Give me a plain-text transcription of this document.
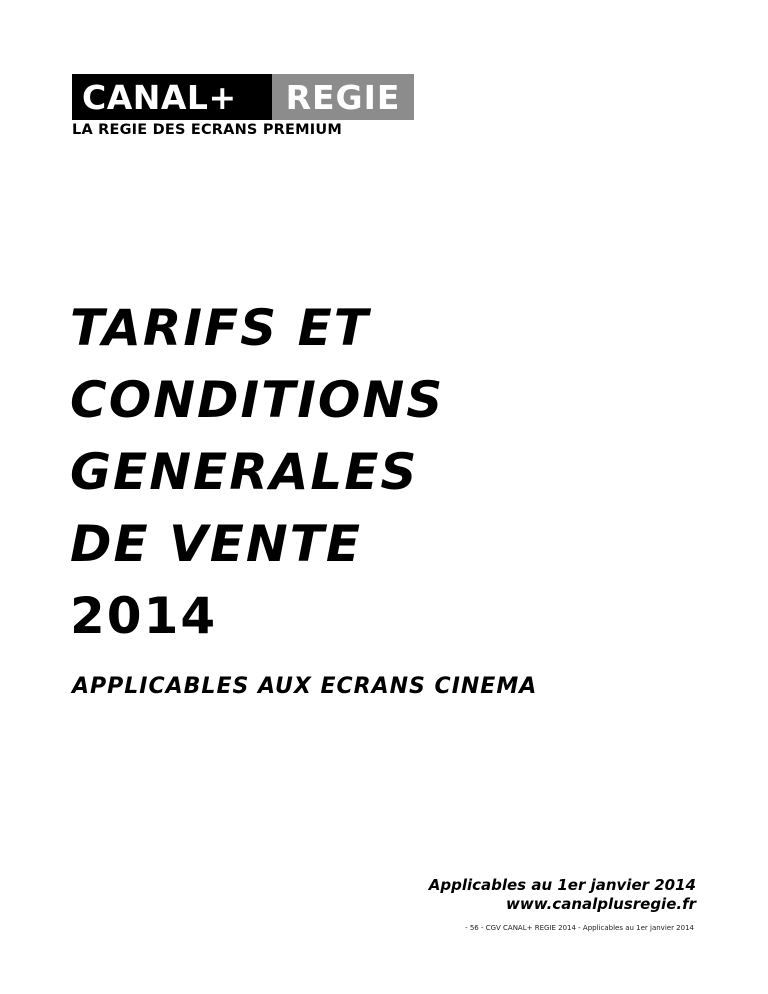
CANAL+	REGIE
LA REGIE DES ECRANS PREMIUM
TARIFS ET
CONDITIONS
GENERALES
DE VENTE
2014
APPLICABLES AUX ECRANS CINEMA
Applicables au 1er janvier 2014
www.canalplusregie.fr
- 56 - CGV CANAL+ REGIE 2014 - Applicables au 1er janvier 2014
